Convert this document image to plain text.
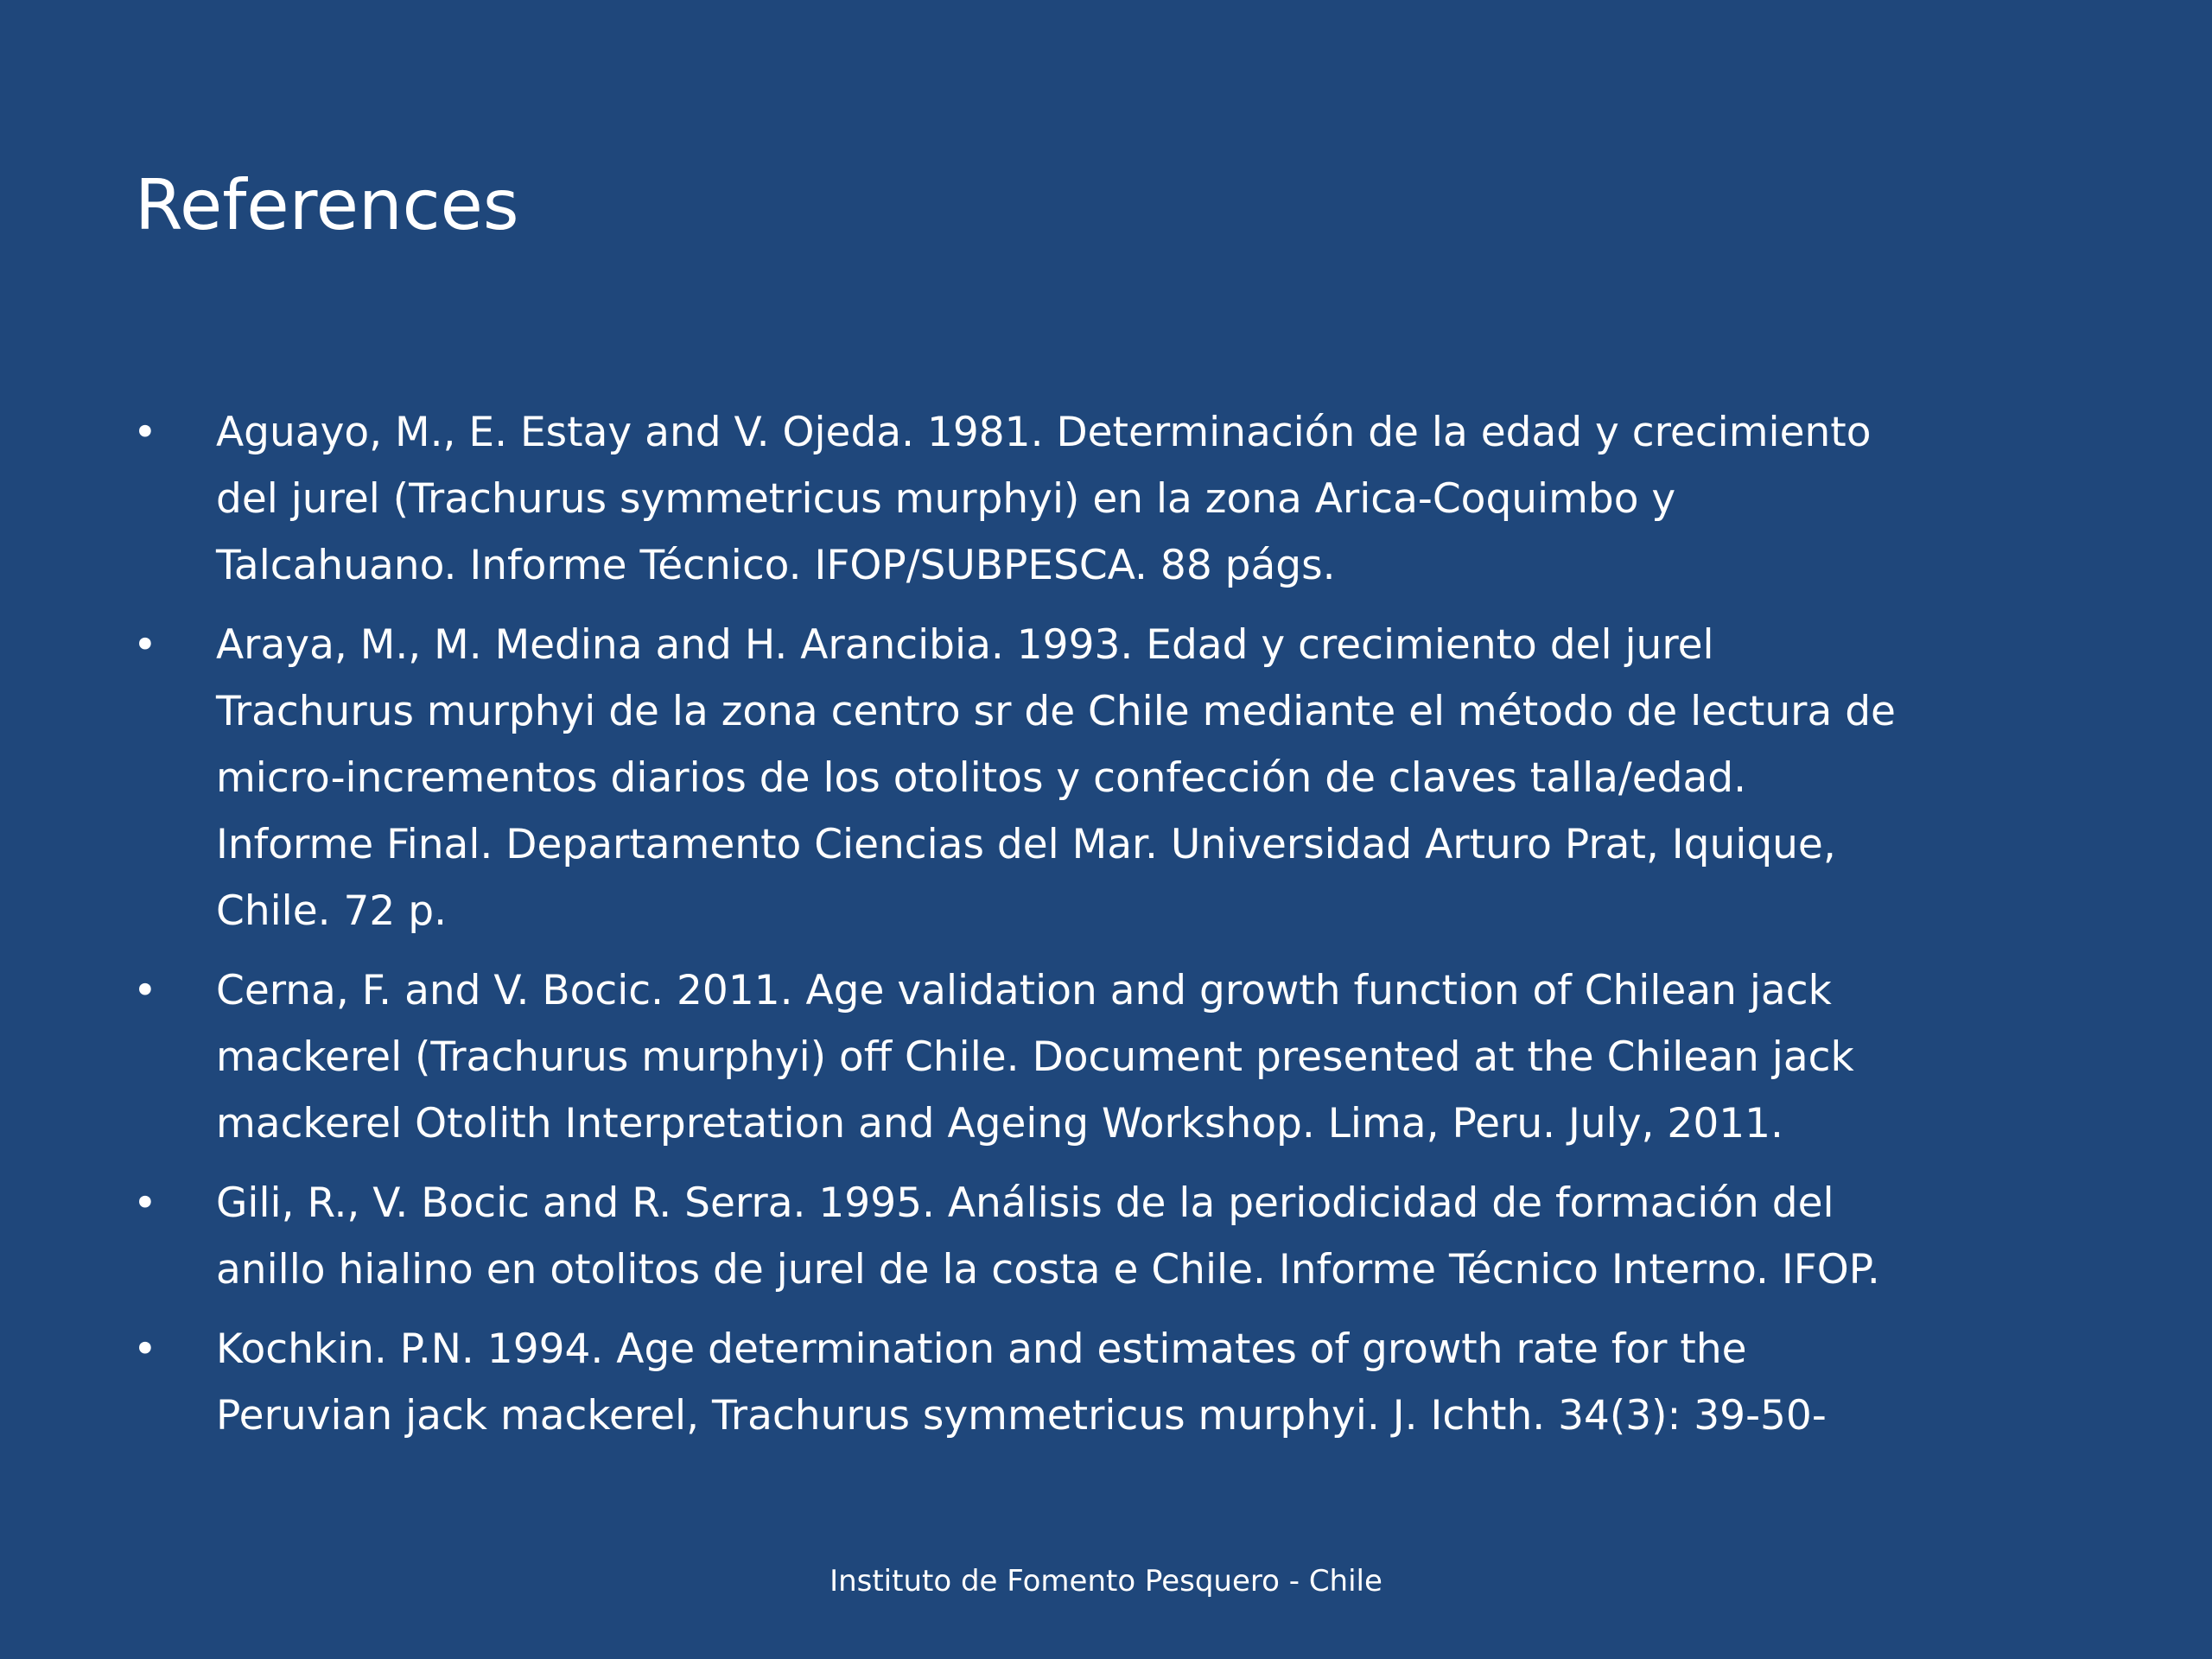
References
•	Aguayo, M., E. Estay and V. Ojeda. 1981. Determinación de la edad y crecimiento
del jurel (Trachurus symmetricus murphyi) en la zona Arica-Coquimbo y
Talcahuano. Informe Técnico. IFOP/SUBPESCA. 88 págs.
•	Araya, M., M. Medina and H. Arancibia. 1993. Edad y crecimiento del jurel
Trachurus murphyi de la zona centro sr de Chile mediante el método de lectura de
micro-incrementos diarios de los otolitos y confección de claves talla/edad.
Informe Final. Departamento Ciencias del Mar. Universidad Arturo Prat, Iquique,
Chile. 72 p.
•	Cerna, F. and V. Bocic. 2011. Age validation and growth function of Chilean jack
mackerel (Trachurus murphyi) off Chile. Document presented at the Chilean jack
mackerel Otolith Interpretation and Ageing Workshop. Lima, Peru. July, 2011.
•	Gili, R., V. Bocic and R. Serra. 1995. Análisis de la periodicidad de formación del
anillo hialino en otolitos de jurel de la costa e Chile. Informe Técnico Interno. IFOP.
•	Kochkin. P.N. 1994. Age determination and estimates of growth rate for the
Peruvian jack mackerel, Trachurus symmetricus murphyi. J. Ichth. 34(3): 39-50-
Instituto de Fomento Pesquero - Chile
